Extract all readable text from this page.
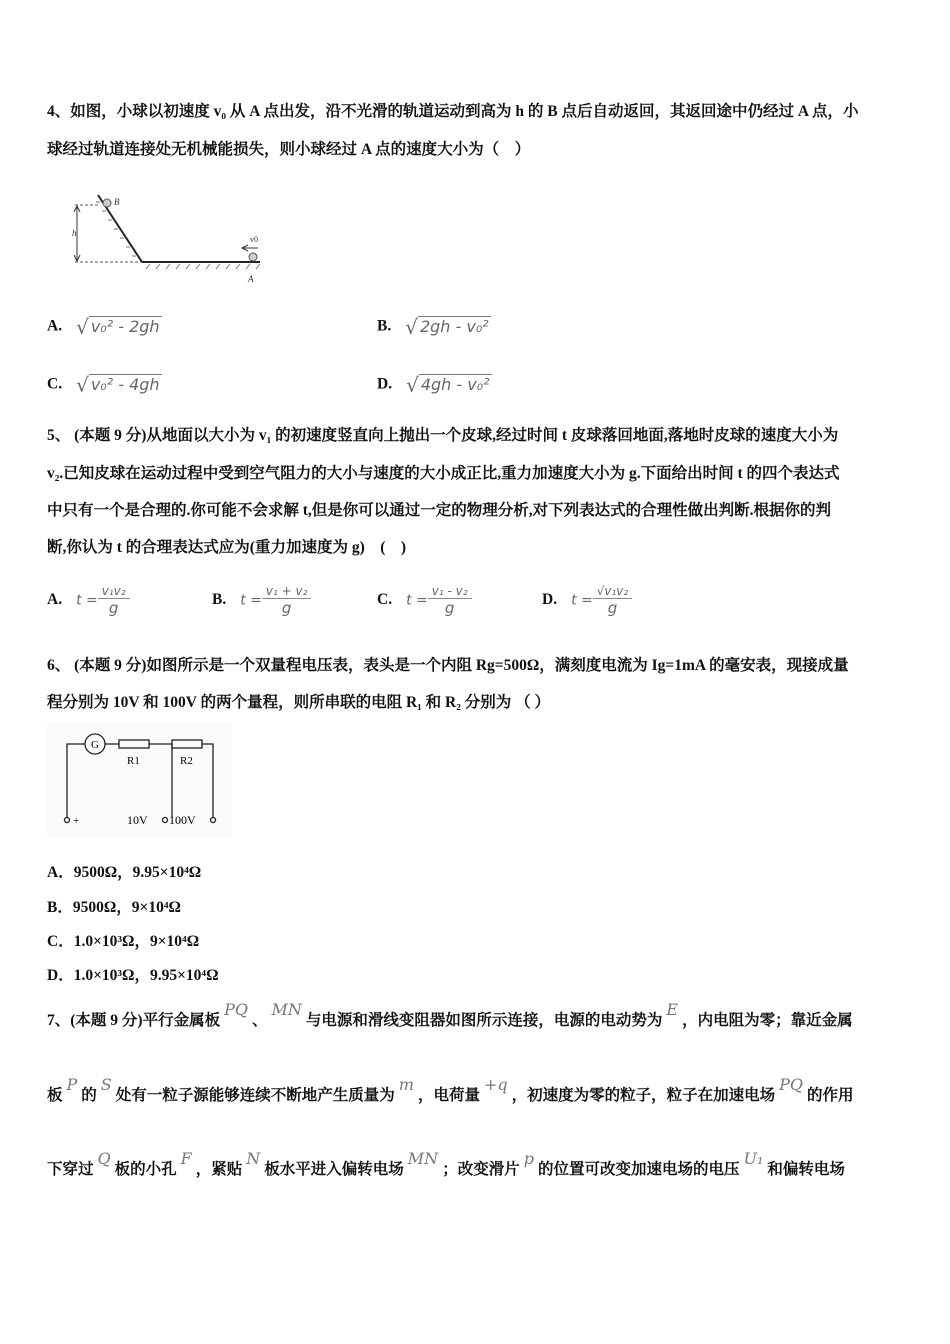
4、如图，小球以初速度 v₀ 从 A 点出发，沿不光滑的轨道运动到高为 h 的 B 点后自动返回，其返回途中仍经过 A 点，小
球经过轨道连接处无机械能损失，则小球经过 A 点的速度大小为（　）
h
B
v0
A
A. √ v₀² - 2gh	B. √ 2gh - v₀²
C. √ v₀² - 4gh	D. √ 4gh - v₀²
5、 (本题 9 分)从地面以大小为 v₁ 的初速度竖直向上抛出一个皮球,经过时间 t 皮球落回地面,落地时皮球的速度大小为
v₂.已知皮球在运动过程中受到空气阻力的大小与速度的大小成正比,重力加速度大小为 g.下面给出时间 t 的四个表达式
中只有一个是合理的.你可能不会求解 t,但是你可以通过一定的物理分析,对下列表达式的合理性做出判断.根据你的判
断,你认为 t 的合理表达式应为(重力加速度为 g)　(　)
A. $t = \frac{\text{v₁v₂}}{g}$	B. $t = \frac{\text{v₁ + v₂}}{g}$	C. $t = \frac{\text{v₁ - v₂}}{g}$	D. $t = \frac{\text{√v₁v₂}}{g}$
6、 (本题 9 分)如图所示是一个双量程电压表，表头是一个内阻 Rg=500Ω，满刻度电流为 Ig=1mA 的毫安表，现接成量
程分别为 10V 和 100V 的两个量程，则所串联的电阻 R₁ 和 R₂ 分别为 （ ）
G
R1	R2
+	10V 100V
A．9500Ω，9.95×10⁴Ω
B．9500Ω，9×10⁴Ω
C．1.0×10³Ω，9×10⁴Ω
D．1.0×10³Ω，9.95×10⁴Ω
7、(本题 9 分)平行金属板PQ、MN与电源和滑线变阻器如图所示连接，电源的电动势为E，内电阻为零；靠近金属
板P的S处有一粒子源能够连续不断地产生质量为m，电荷量+q，初速度为零的粒子，粒子在加速电场PQ的作用
下穿过Q板的小孔F，紧贴N板水平进入偏转电场MN；改变滑片p的位置可改变加速电场的电压U₁和偏转电场
